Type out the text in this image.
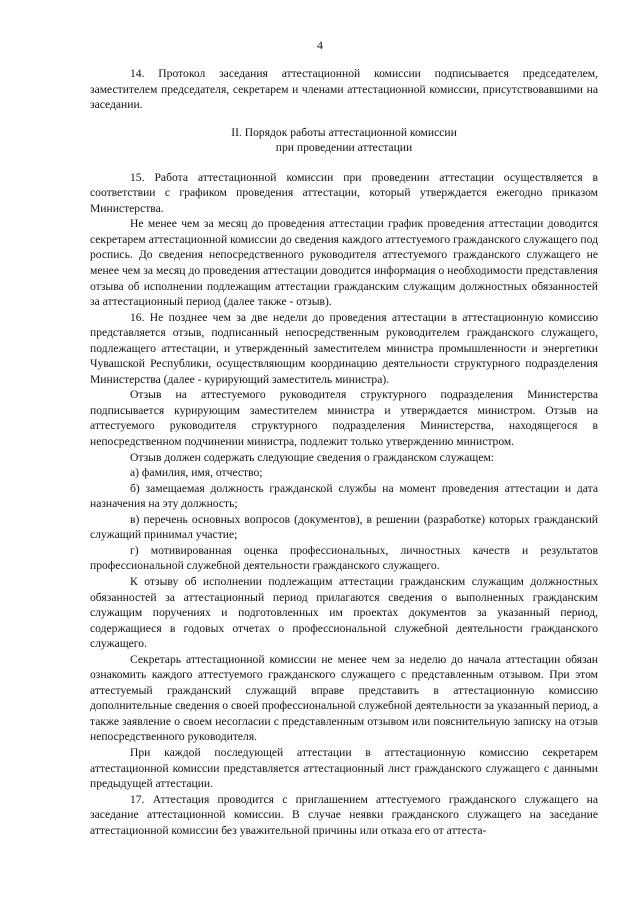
4

14. Протокол заседания аттестационной комиссии подписывается председателем, заместителем председателя, секретарем и членами аттестационной комиссии, присутствовавшими на заседании.

II. Порядок работы аттестационной комиссии
при проведении аттестации

15. Работа аттестационной комиссии при проведении аттестации осуществляется в соответствии с графиком проведения аттестации, который утверждается ежегодно приказом Министерства.

Не менее чем за месяц до проведения аттестации график проведения аттестации доводится секретарем аттестационной комиссии до сведения каждого аттестуемого гражданского служащего под роспись. До сведения непосредственного руководителя аттестуемого гражданского служащего не менее чем за месяц до проведения аттестации доводится информация о необходимости представления отзыва об исполнении подлежащим аттестации гражданским служащим должностных обязанностей за аттестационный период (далее также - отзыв).

16. Не позднее чем за две недели до проведения аттестации в аттестационную комиссию представляется отзыв, подписанный непосредственным руководителем гражданского служащего, подлежащего аттестации, и утвержденный заместителем министра промышленности и энергетики Чувашской Республики, осуществляющим координацию деятельности структурного подразделения Министерства (далее - курирующий заместитель министра).

Отзыв на аттестуемого руководителя структурного подразделения Министерства подписывается курирующим заместителем министра и утверждается министром. Отзыв на аттестуемого руководителя структурного подразделения Министерства, находящегося в непосредственном подчинении министра, подлежит только утверждению министром.

Отзыв должен содержать следующие сведения о гражданском служащем:

а) фамилия, имя, отчество;

б) замещаемая должность гражданской службы на момент проведения аттестации и дата назначения на эту должность;

в) перечень основных вопросов (документов), в решении (разработке) которых гражданский служащий принимал участие;

г) мотивированная оценка профессиональных, личностных качеств и результатов профессиональной служебной деятельности гражданского служащего.

К отзыву об исполнении подлежащим аттестации гражданским служащим должностных обязанностей за аттестационный период прилагаются сведения о выполненных гражданским служащим поручениях и подготовленных им проектах документов за указанный период, содержащиеся в годовых отчетах о профессиональной служебной деятельности гражданского служащего.

Секретарь аттестационной комиссии не менее чем за неделю до начала аттестации обязан ознакомить каждого аттестуемого гражданского служащего с представленным отзывом. При этом аттестуемый гражданский служащий вправе представить в аттестационную комиссию дополнительные сведения о своей профессиональной служебной деятельности за указанный период, а также заявление о своем несогласии с представленным отзывом или пояснительную записку на отзыв непосредственного руководителя.

При каждой последующей аттестации в аттестационную комиссию секретарем аттестационной комиссии представляется аттестационный лист гражданского служащего с данными предыдущей аттестации.

17. Аттестация проводится с приглашением аттестуемого гражданского служащего на заседание аттестационной комиссии. В случае неявки гражданского служащего на заседание аттестационной комиссии без уважительной причины или отказа его от аттеста-
